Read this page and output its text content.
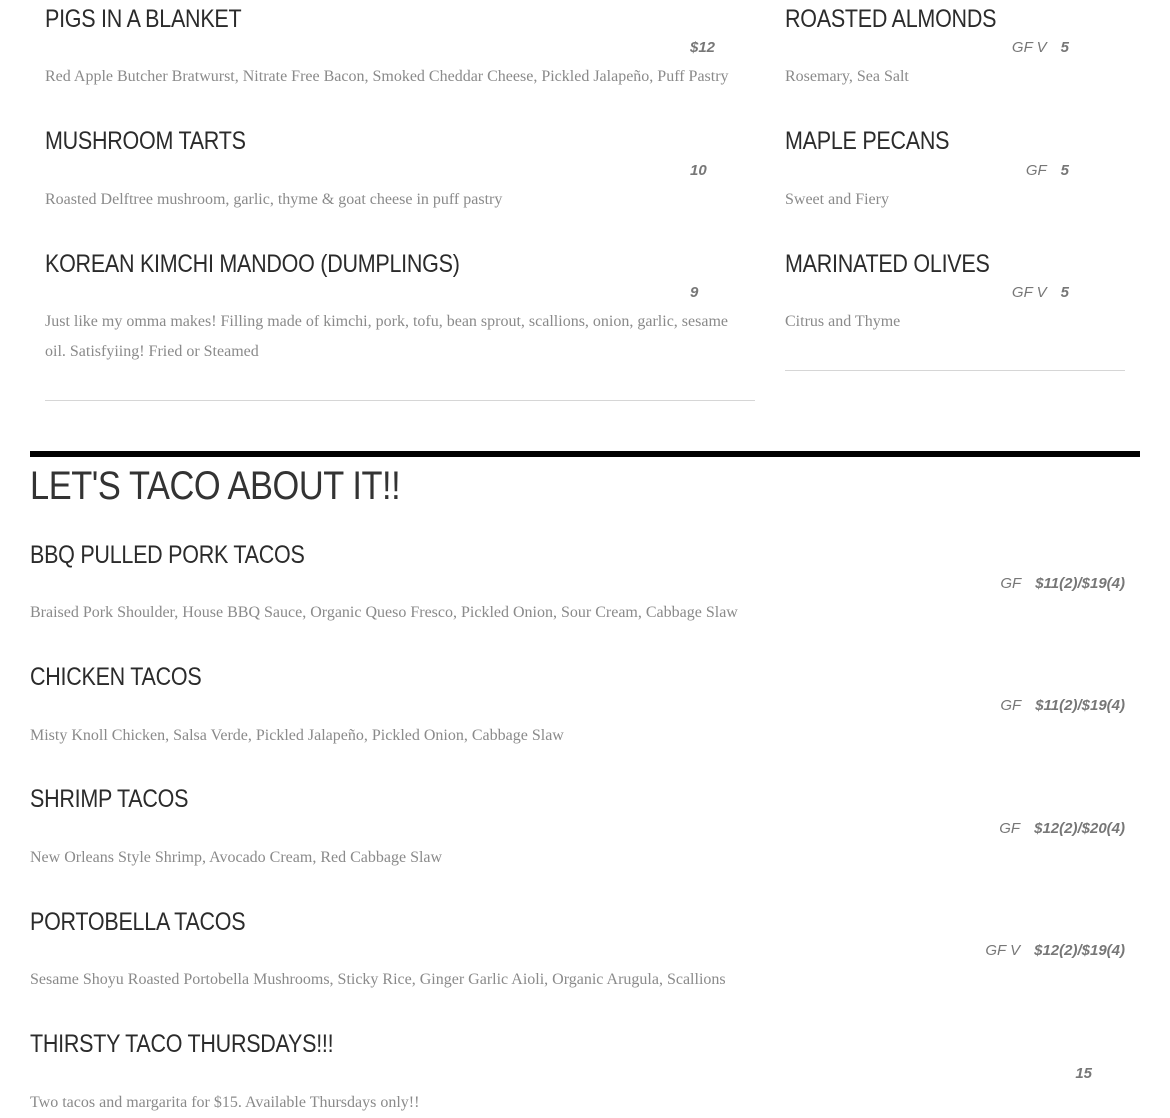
PIGS IN A BLANKET
$12

Red Apple Butcher Bratwurst, Nitrate Free Bacon, Smoked Cheddar Cheese, Pickled Jalapeño, Puff Pastry

MUSHROOM TARTS
10

Roasted Delftree mushroom, garlic, thyme & goat cheese in puff pastry

KOREAN KIMCHI MANDOO (DUMPLINGS)
9

Just like my omma makes! Filling made of kimchi, pork, tofu, bean sprout, scallions, onion, garlic, sesame oil. Satisfyiing! Fried or Steamed

ROASTED ALMONDS
GF V 5

Rosemary, Sea Salt

MAPLE PECANS
GF 5

Sweet and Fiery

MARINATED OLIVES
GF V 5

Citrus and Thyme

LET'S TACO ABOUT IT!!
BBQ PULLED PORK TACOS
GF $11(2)/$19(4)

Braised Pork Shoulder, House BBQ Sauce, Organic Queso Fresco, Pickled Onion, Sour Cream, Cabbage Slaw

CHICKEN TACOS
GF $11(2)/$19(4)

Misty Knoll Chicken, Salsa Verde, Pickled Jalapeño, Pickled Onion, Cabbage Slaw

SHRIMP TACOS
GF $12(2)/$20(4)

New Orleans Style Shrimp, Avocado Cream, Red Cabbage Slaw

PORTOBELLA TACOS
GF V $12(2)/$19(4)

Sesame Shoyu Roasted Portobella Mushrooms, Sticky Rice, Ginger Garlic Aioli, Organic Arugula, Scallions

THIRSTY TACO THURSDAYS!!!
15

Two tacos and margarita for $15. Available Thursdays only!!
